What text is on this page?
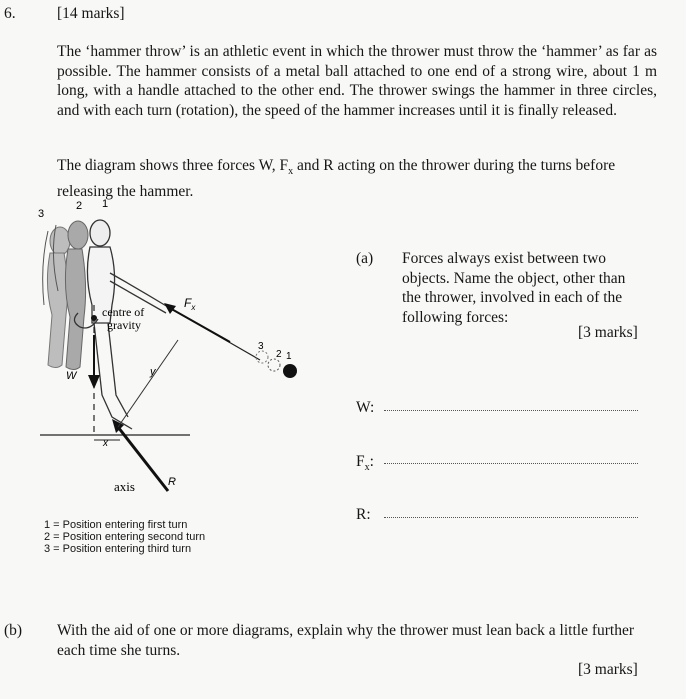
6.	[14 marks]

The ‘hammer throw’ is an athletic event in which the thrower must throw the ‘hammer’ as far as possible. The hammer consists of a metal ball attached to one end of a strong wire, about 1 m long, with a handle attached to the other end. The thrower swings the hammer in three circles, and with each turn (rotation), the speed of the hammer increases until it is finally released.

The diagram shows three forces W, $F_x$ and R acting on the thrower during the turns before releasing the hammer.

3
2 1
centre of
gravity
$F_x$
3
2 1
W	y
x
R
axis
1 = Position entering first turn
2 = Position entering second turn
3 = Position entering third turn
(a) Forces always exist between two objects. Name the object, other than the thrower, involved in each of the following forces:

[3 marks]
W:
$F_x$:
R:
(b) With the aid of one or more diagrams, explain why the thrower must lean back a little further each time she turns.

[3 marks]
